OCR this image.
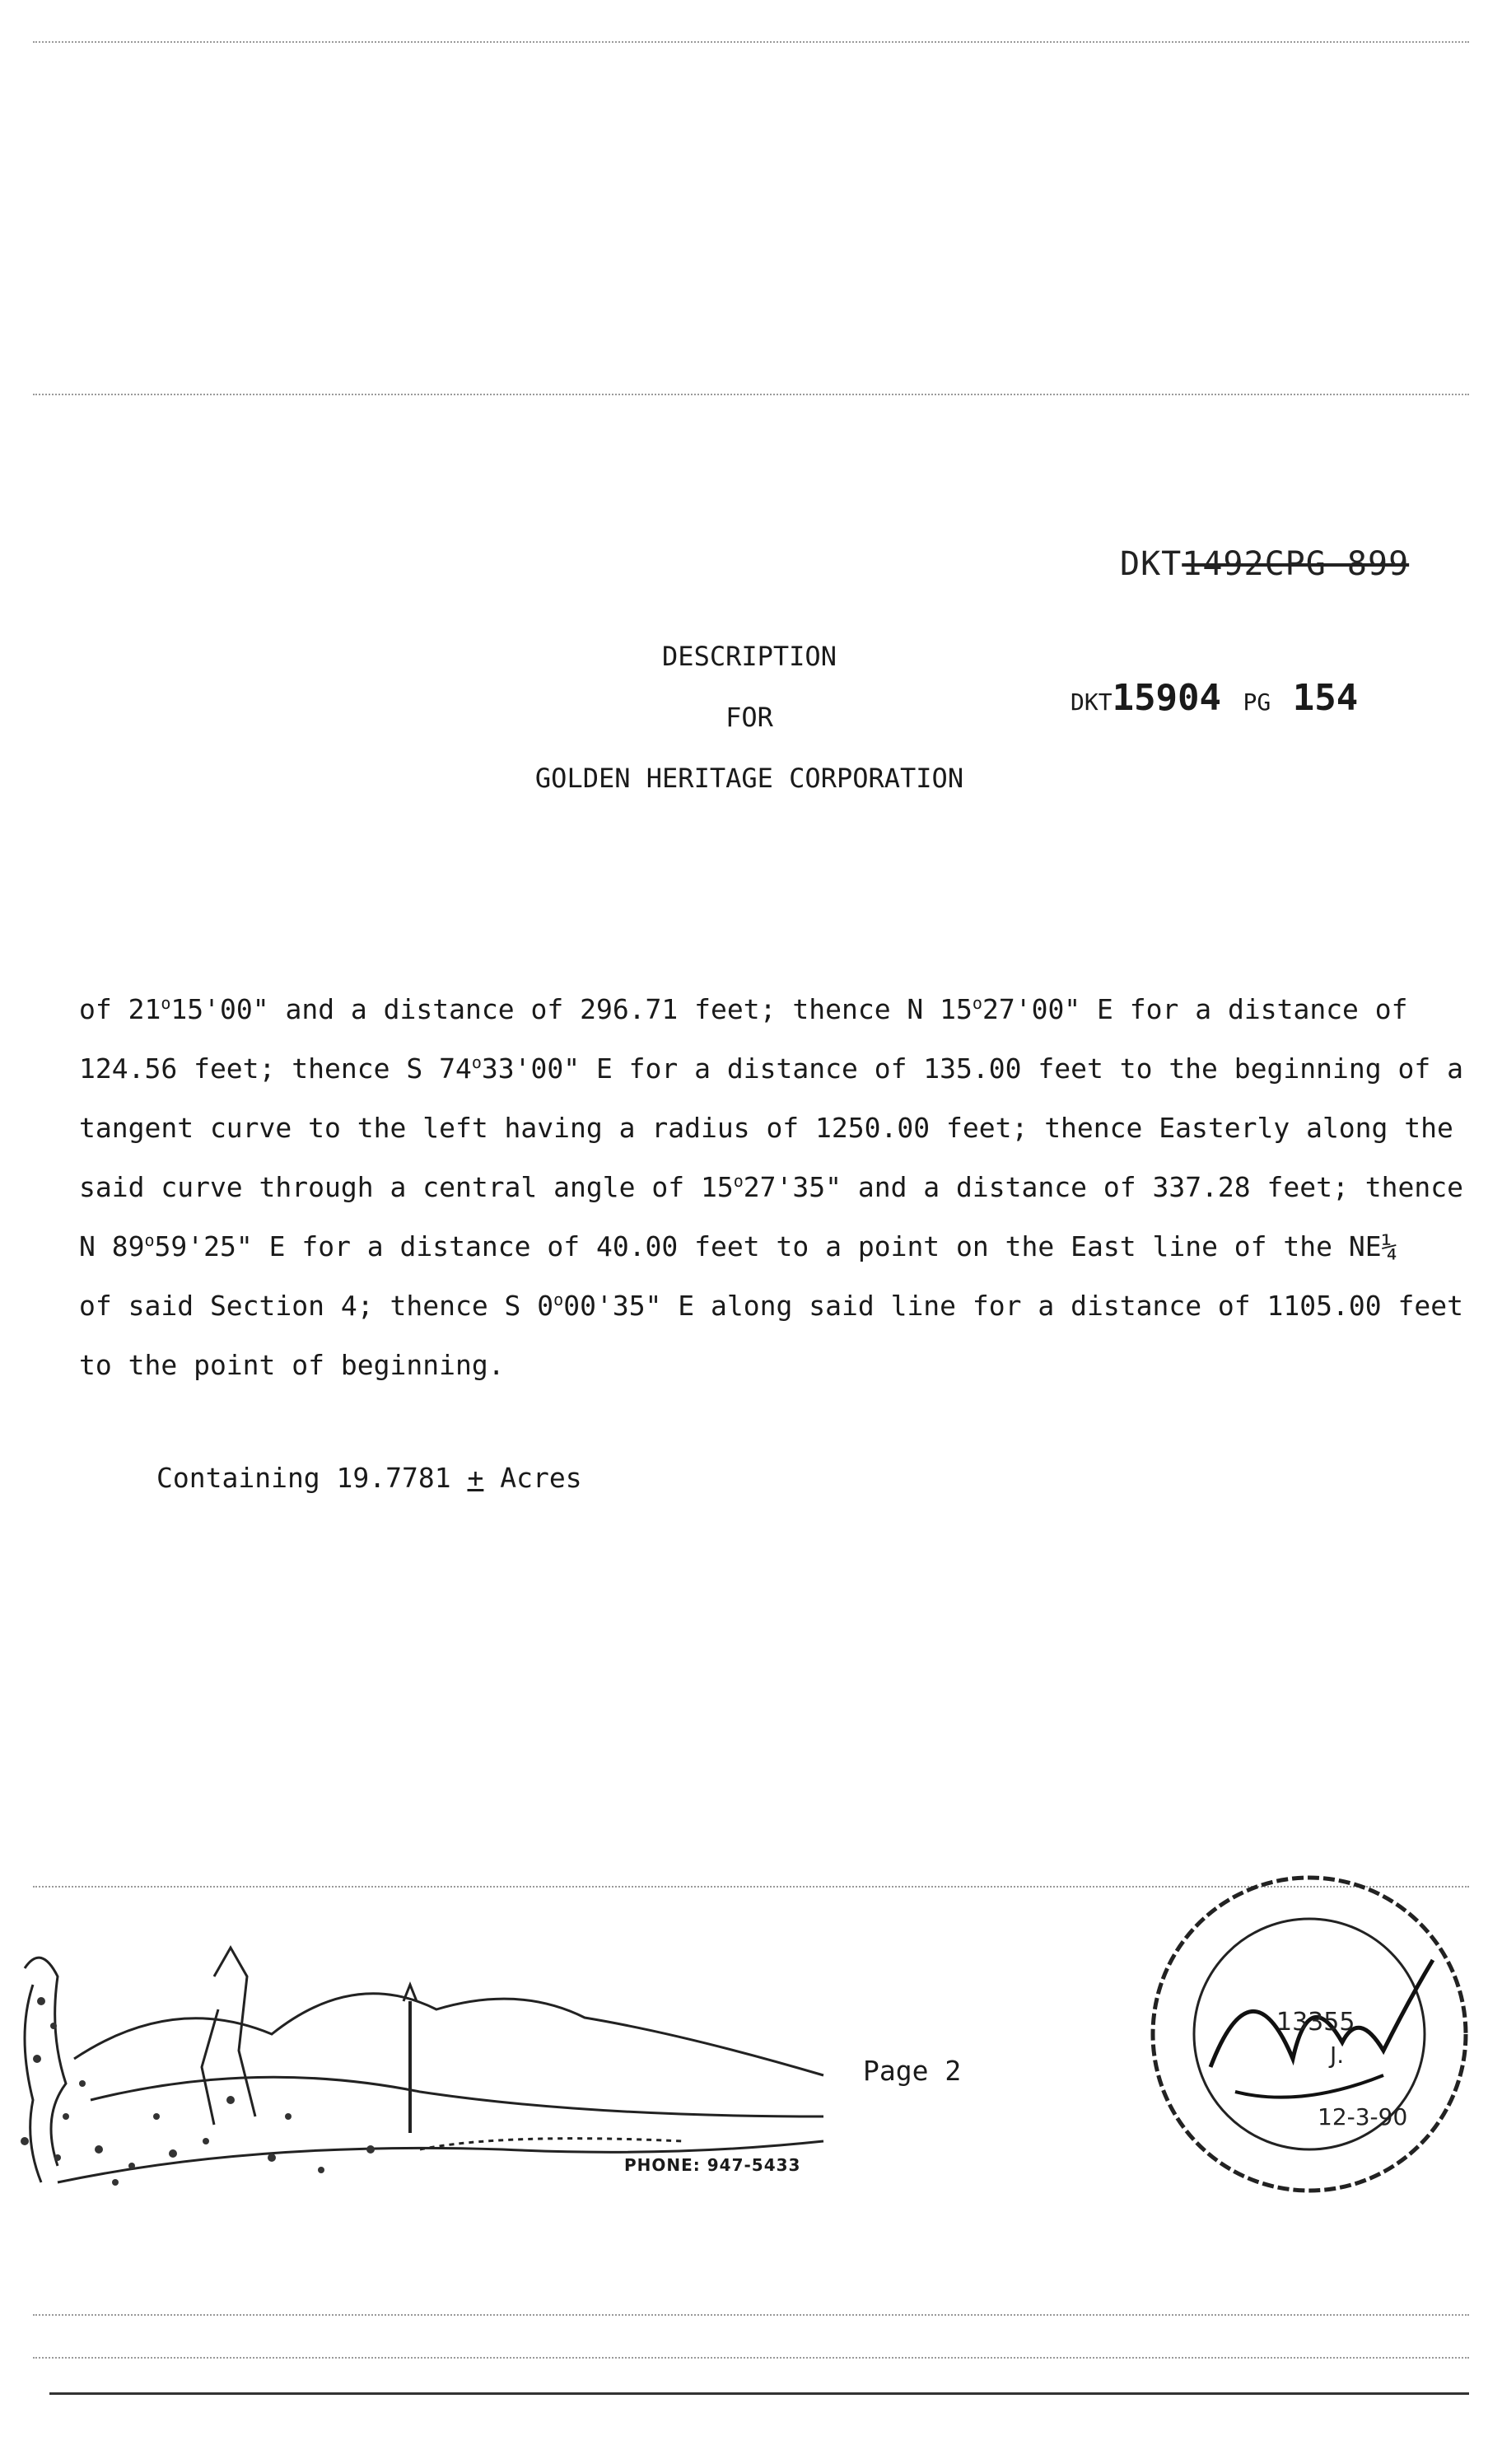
DKT1492CPG 899
DESCRIPTION
FOR
GOLDEN HERITAGE CORPORATION
DKT15904 PG 154

of 21$^o$15'00" and a distance of 296.71 feet; thence N 15$^o$27'00" E for a distance of

124.56 feet; thence S 74$^o$33'00" E for a distance of 135.00 feet to the beginning of a

tangent curve to the left having a radius of 1250.00 feet; thence Easterly along the

said curve through a central angle of 15$^o$27'35" and a distance of 337.28 feet; thence

N 89$^o$59'25" E for a distance of 40.00 feet to a point on the East line of the NE¼

of said Section 4; thence S 0$^o$00'35" E along said line for a distance of 1105.00 feet

to the point of beginning.

Containing 19.7781 + Acres
Page 2
PHONE: 947-5433
13355
J.
12-3-90
